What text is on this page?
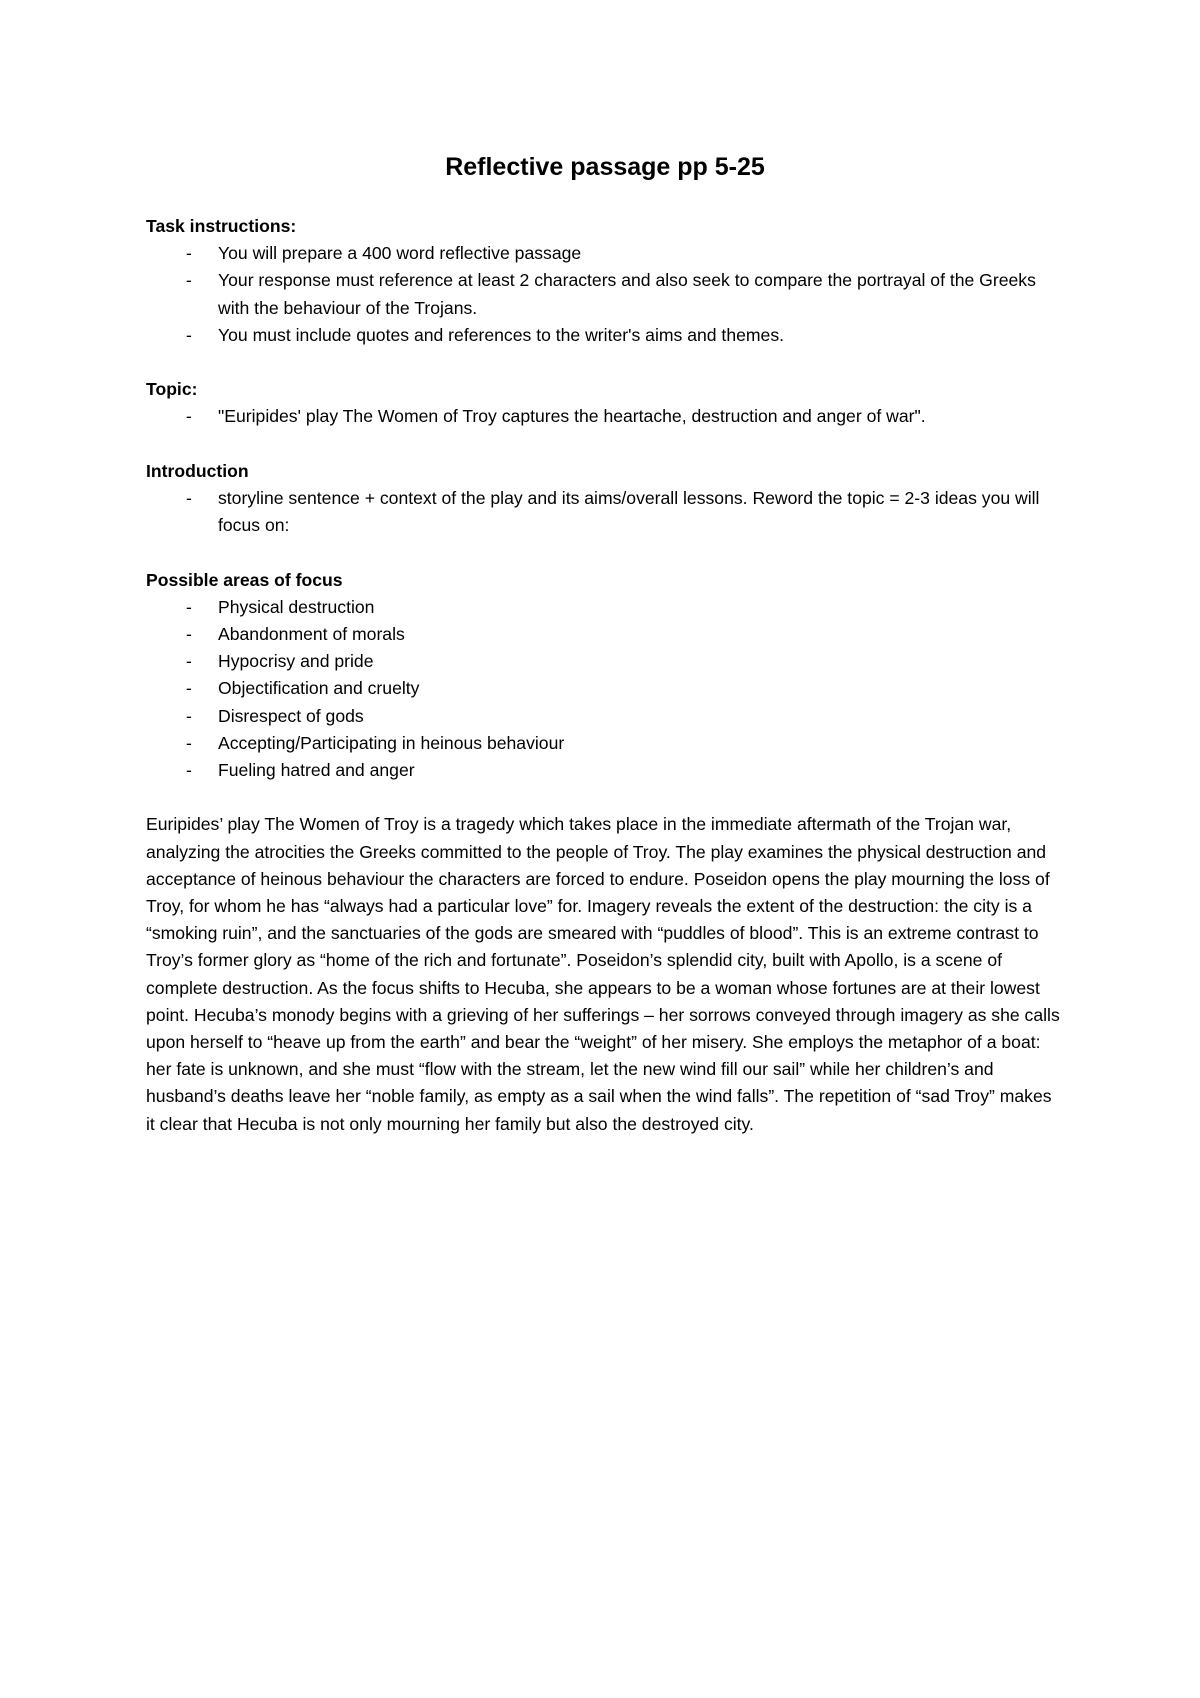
Reflective passage pp 5-25

Task instructions:

- You will prepare a 400 word reflective passage
- Your response must reference at least 2 characters and also seek to compare the portrayal of the Greeks with the behaviour of the Trojans.
- You must include quotes and references to the writer's aims and themes.

Topic:

- "Euripides' play The Women of Troy captures the heartache, destruction and anger of war".

Introduction

- storyline sentence + context of the play and its aims/overall lessons. Reword the topic = 2-3 ideas you will focus on:

Possible areas of focus

- Physical destruction
- Abandonment of morals
- Hypocrisy and pride
- Objectification and cruelty
- Disrespect of gods
- Accepting/Participating in heinous behaviour
- Fueling hatred and anger

Euripides’ play The Women of Troy is a tragedy which takes place in the immediate aftermath of the Trojan war, analyzing the atrocities the Greeks committed to the people of Troy. The play examines the physical destruction and acceptance of heinous behaviour the characters are forced to endure. Poseidon opens the play mourning the loss of Troy, for whom he has “always had a particular love” for. Imagery reveals the extent of the destruction: the city is a “smoking ruin”, and the sanctuaries of the gods are smeared with “puddles of blood”. This is an extreme contrast to Troy’s former glory as “home of the rich and fortunate”. Poseidon’s splendid city, built with Apollo, is a scene of complete destruction. As the focus shifts to Hecuba, she appears to be a woman whose fortunes are at their lowest point. Hecuba’s monody begins with a grieving of her sufferings – her sorrows conveyed through imagery as she calls upon herself to “heave up from the earth” and bear the “weight” of her misery. She employs the metaphor of a boat: her fate is unknown, and she must “flow with the stream, let the new wind fill our sail” while her children’s and husband’s deaths leave her “noble family, as empty as a sail when the wind falls”. The repetition of “sad Troy” makes it clear that Hecuba is not only mourning her family but also the destroyed city.
